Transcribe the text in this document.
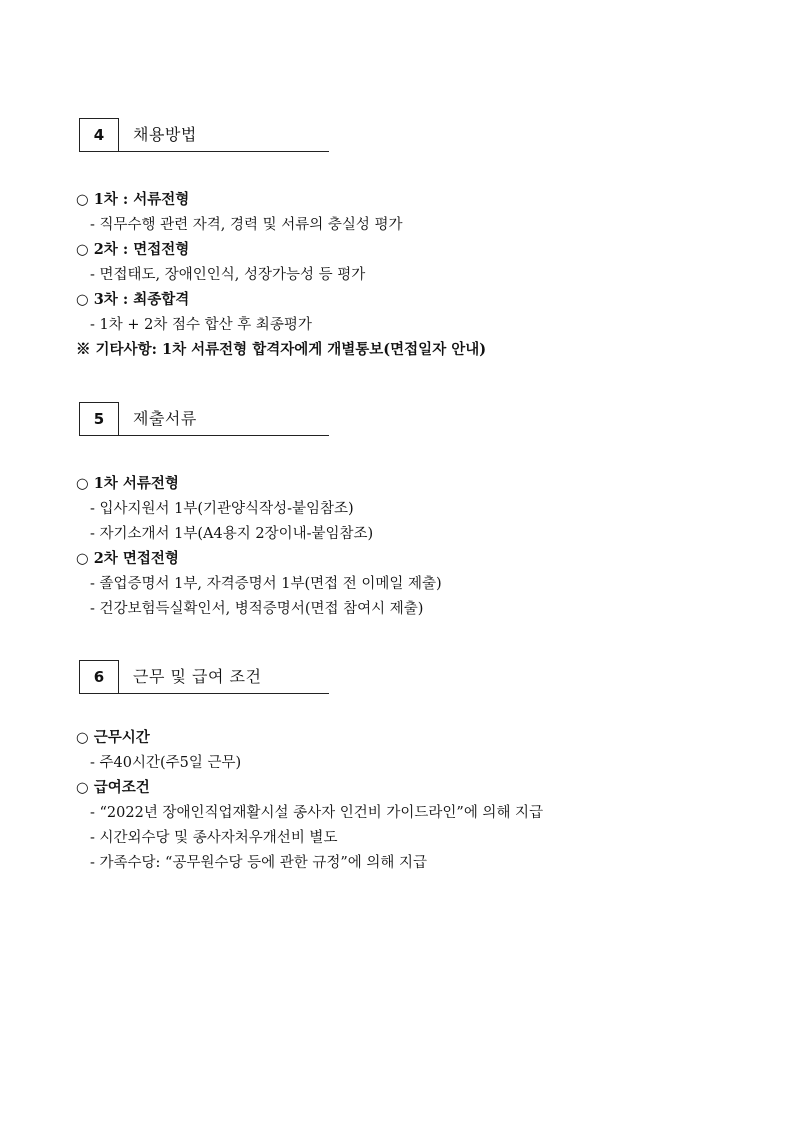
4	채용방법
○ 1차 : 서류전형
- 직무수행 관련 자격, 경력 및 서류의 충실성 평가
○ 2차 : 면접전형
- 면접태도, 장애인인식, 성장가능성 등 평가
○ 3차 : 최종합격
- 1차 + 2차 점수 합산 후 최종평가
※ 기타사항: 1차 서류전형 합격자에게 개별통보(면접일자 안내)
5	제출서류
○ 1차 서류전형
- 입사지원서 1부(기관양식작성-붙임참조)
- 자기소개서 1부(A4용지 2장이내-붙임참조)
○ 2차 면접전형
- 졸업증명서 1부, 자격증명서 1부(면접 전 이메일 제출)
- 건강보험득실확인서, 병적증명서(면접 참여시 제출)
6	근무 및 급여 조건
○ 근무시간
- 주40시간(주5일 근무)
○ 급여조건
- “2022년 장애인직업재활시설 종사자 인건비 가이드라인”에 의해 지급
- 시간외수당 및 종사자처우개선비 별도
- 가족수당: “공무원수당 등에 관한 규정”에 의해 지급
